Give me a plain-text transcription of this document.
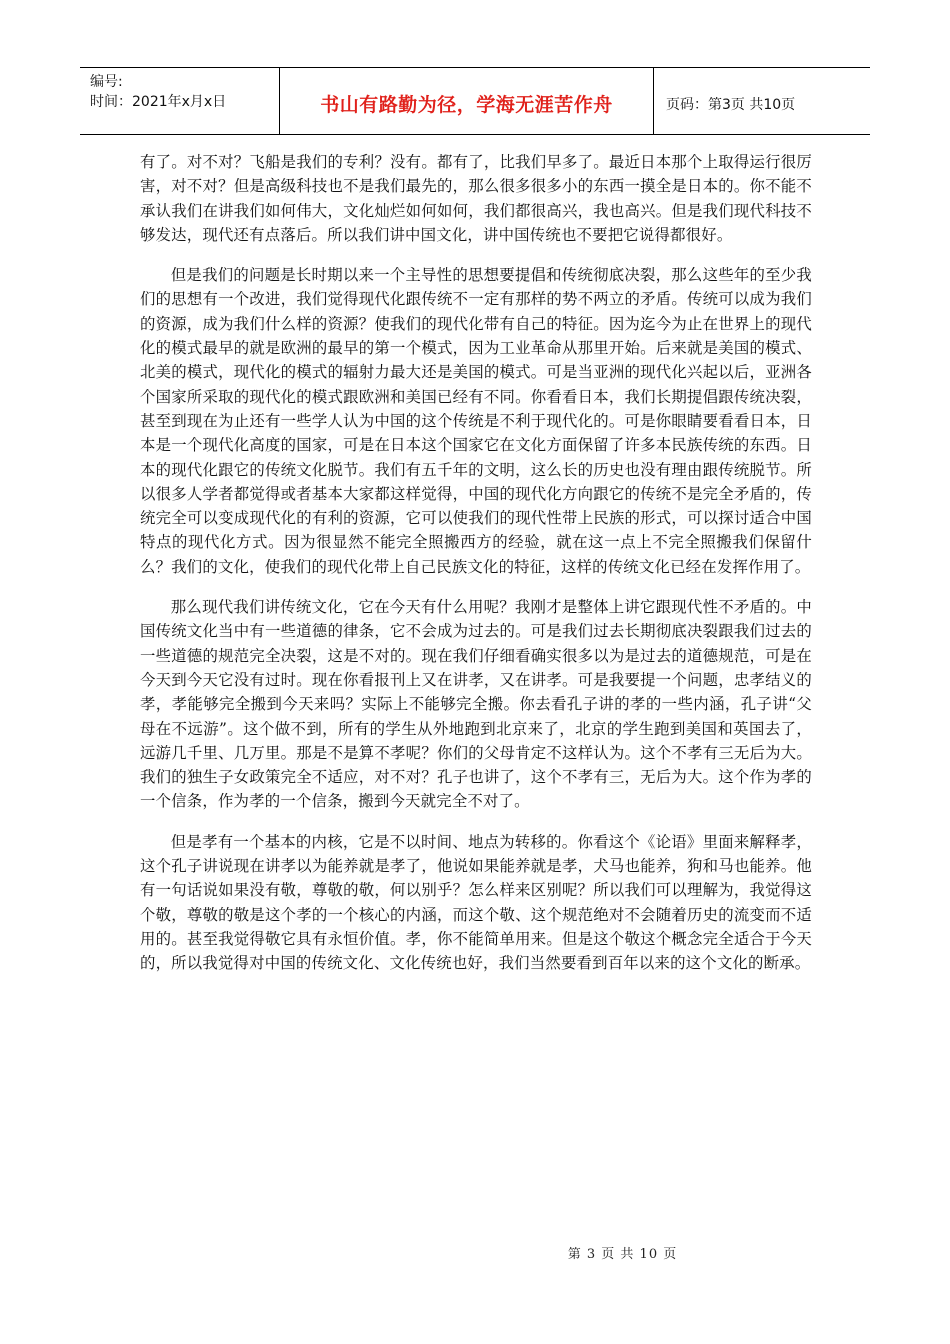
编号:
时间：2021年x月x日	书山有路勤为径，学海无涯苦作舟	页码：第3页 共10页

有了。对不对？飞船是我们的专利？没有。都有了，比我们早多了。最近日本那个上取得运行很厉害，对不对？但是高级科技也不是我们最先的，那么很多很多小的东西一摸全是日本的。你不能不承认我们在讲我们如何伟大，文化灿烂如何如何，我们都很高兴，我也高兴。但是我们现代科技不够发达，现代还有点落后。所以我们讲中国文化，讲中国传统也不要把它说得都很好。

但是我们的问题是长时期以来一个主导性的思想要提倡和传统彻底决裂，那么这些年的至少我们的思想有一个改进，我们觉得现代化跟传统不一定有那样的势不两立的矛盾。传统可以成为我们的资源，成为我们什么样的资源？使我们的现代化带有自己的特征。因为迄今为止在世界上的现代化的模式最早的就是欧洲的最早的第一个模式，因为工业革命从那里开始。后来就是美国的模式、北美的模式，现代化的模式的辐射力最大还是美国的模式。可是当亚洲的现代化兴起以后，亚洲各个国家所采取的现代化的模式跟欧洲和美国已经有不同。你看看日本，我们长期提倡跟传统决裂，甚至到现在为止还有一些学人认为中国的这个传统是不利于现代化的。可是你眼睛要看看日本，日本是一个现代化高度的国家，可是在日本这个国家它在文化方面保留了许多本民族传统的东西。日本的现代化跟它的传统文化脱节。我们有五千年的文明，这么长的历史也没有理由跟传统脱节。所以很多人学者都觉得或者基本大家都这样觉得，中国的现代化方向跟它的传统不是完全矛盾的，传统完全可以变成现代化的有利的资源，它可以使我们的现代性带上民族的形式，可以探讨适合中国特点的现代化方式。因为很显然不能完全照搬西方的经验，就在这一点上不完全照搬我们保留什么？我们的文化，使我们的现代化带上自己民族文化的特征，这样的传统文化已经在发挥作用了。

那么现代我们讲传统文化，它在今天有什么用呢？我刚才是整体上讲它跟现代性不矛盾的。中国传统文化当中有一些道德的律条，它不会成为过去的。可是我们过去长期彻底决裂跟我们过去的一些道德的规范完全决裂，这是不对的。现在我们仔细看确实很多以为是过去的道德规范，可是在今天到今天它没有过时。现在你看报刊上又在讲孝，又在讲孝。可是我要提一个问题，忠孝结义的孝，孝能够完全搬到今天来吗？实际上不能够完全搬。你去看孔子讲的孝的一些内涵，孔子讲“父母在不远游”。这个做不到，所有的学生从外地跑到北京来了，北京的学生跑到美国和英国去了，远游几千里、几万里。那是不是算不孝呢？你们的父母肯定不这样认为。这个不孝有三无后为大。我们的独生子女政策完全不适应，对不对？孔子也讲了，这个不孝有三，无后为大。这个作为孝的一个信条，作为孝的一个信条，搬到今天就完全不对了。

但是孝有一个基本的内核，它是不以时间、地点为转移的。你看这个《论语》里面来解释孝，这个孔子讲说现在讲孝以为能养就是孝了，他说如果能养就是孝，犬马也能养，狗和马也能养。他有一句话说如果没有敬，尊敬的敬，何以别乎？怎么样来区别呢？所以我们可以理解为，我觉得这个敬，尊敬的敬是这个孝的一个核心的内涵，而这个敬、这个规范绝对不会随着历史的流变而不适用的。甚至我觉得敬它具有永恒价值。孝，你不能简单用来。但是这个敬这个概念完全适合于今天的，所以我觉得对中国的传统文化、文化传统也好，我们当然要看到百年以来的这个文化的断承。

第 3 页 共 10 页
